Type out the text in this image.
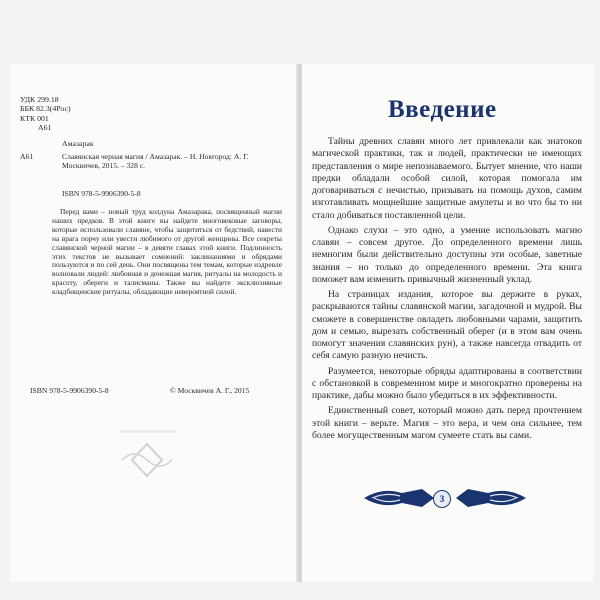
УДК 299.18
ББК 82.3(4Рос)
КТК 001
А61
Амазарак
А61	Славянская черная магия / Амазарак. – Н. Новгород: А. Г. Москвичев, 2015. – 328 с.
ISBN 978-5-9906390-5-8
Перед вами – новый труд колдуна Амазарака, посвященный магии наших предков. В этой книге вы найдете многовековые заговоры, которые использовали славяне, чтобы защититься от бедствий, навести на врага порчу или увести любимого от другой женщины. Все секреты славянской черной магии – в девяти главах этой книги. Подлинность этих текстов не вызывает сомнений: заклинаниями и обрядами пользуются и по сей день. Они посвящены тем темам, которые издревле волновали людей: любовная и денежная магия, ритуалы на молодость и красоту, обереги и талисманы. Также вы найдете эксклюзивные кладбищенские ритуалы, обладающие невероятной силой.
ISBN 978-5-9906390-5-8	© Москвичев А. Г., 2015
Введение

Тайны древних славян много лет привлекали как знатоков магической практики, так и людей, практически не имеющих представления о мире непознаваемого. Бытует мнение, что наши предки обладали особой силой, которая помогала им договариваться с нечистью, призывать на помощь духов, самим изготавливать мощнейшие защитные амулеты и во что бы то ни стало добиваться поставленной цели.

Однако слухи – это одно, а умение использовать магию славян – совсем другое. До определенного времени лишь немногим были действительно доступны эти особые, заветные знания – но только до определенного времени. Эта книга поможет вам изменить привычный жизненный уклад.

На страницах издания, которое вы держите в руках, раскрываются тайны славянской магии, загадочной и мудрой. Вы сможете в совершенстве овладеть любовными чарами, защитить дом и семью, вырезать собственный оберег (и в этом вам очень помогут значения славянских рун), а также навсегда отвадить от себя самую разную нечисть.

Разумеется, некоторые обряды адаптированы в соответствии с обстановкой в современном мире и многократно проверены на практике, дабы можно было убедиться в их эффективности.

Единственный совет, который можно дать перед прочтением этой книги – верьте. Магия – это вера, и чем она сильнее, тем более могущественным магом сумеете стать вы сами.

3
